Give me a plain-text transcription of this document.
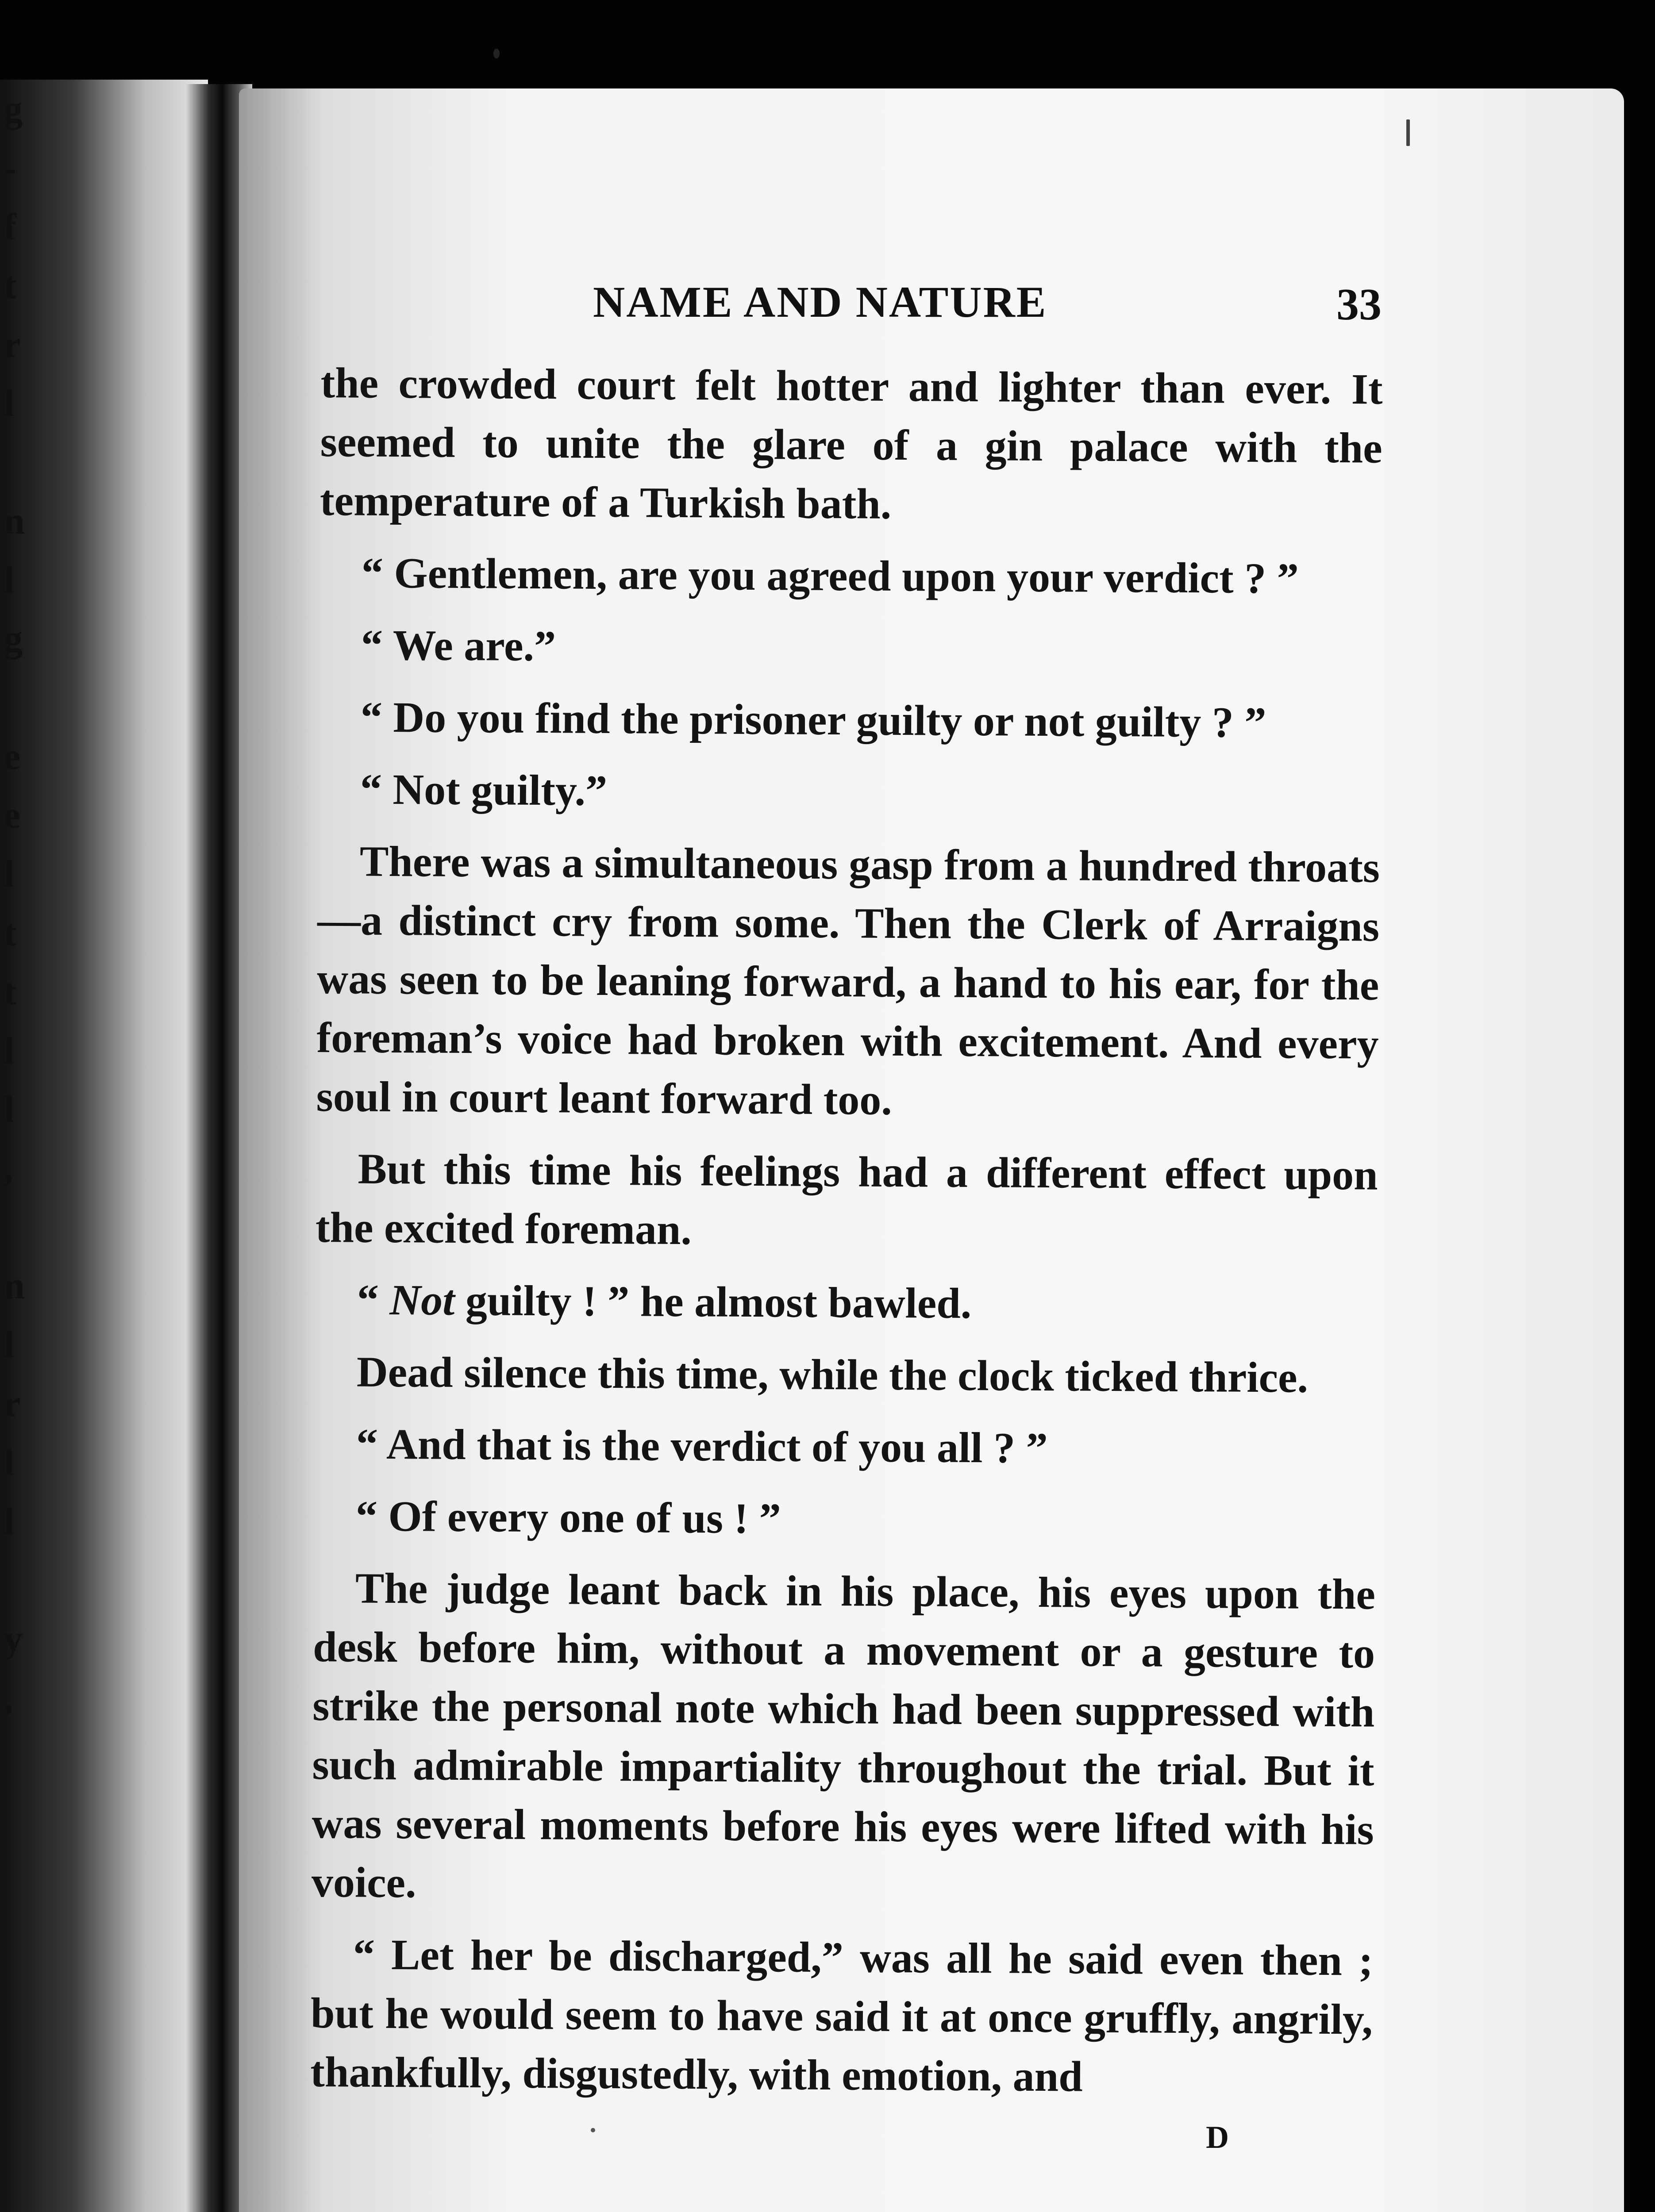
g
-
f
t
r
l

n
l
g

e
e
l
t
t
l
l
,

n
l
r
l
l

y
,
NAME AND NATURE	33

the crowded court felt hotter and lighter than ever. It seemed to unite the glare of a gin palace with the temperature of a Turkish bath.

“ Gentlemen, are you agreed upon your verdict ? ”

“ We are.”

“ Do you find the prisoner guilty or not guilty ? ”

“ Not guilty.”

There was a simultaneous gasp from a hundred throats—a distinct cry from some. Then the Clerk of Arraigns was seen to be leaning forward, a hand to his ear, for the foreman’s voice had broken with excitement. And every soul in court leant forward too.

But this time his feelings had a different effect upon the excited foreman.

“ Not guilty ! ” he almost bawled.

Dead silence this time, while the clock ticked thrice.

“ And that is the verdict of you all ? ”

“ Of every one of us ! ”

The judge leant back in his place, his eyes upon the desk before him, without a movement or a gesture to strike the personal note which had been suppressed with such admirable impartiality throughout the trial. But it was several moments before his eyes were lifted with his voice.

“ Let her be discharged,” was all he said even then ; but he would seem to have said it at once gruffly, angrily, thankfully, disgustedly, with emotion, and

D
